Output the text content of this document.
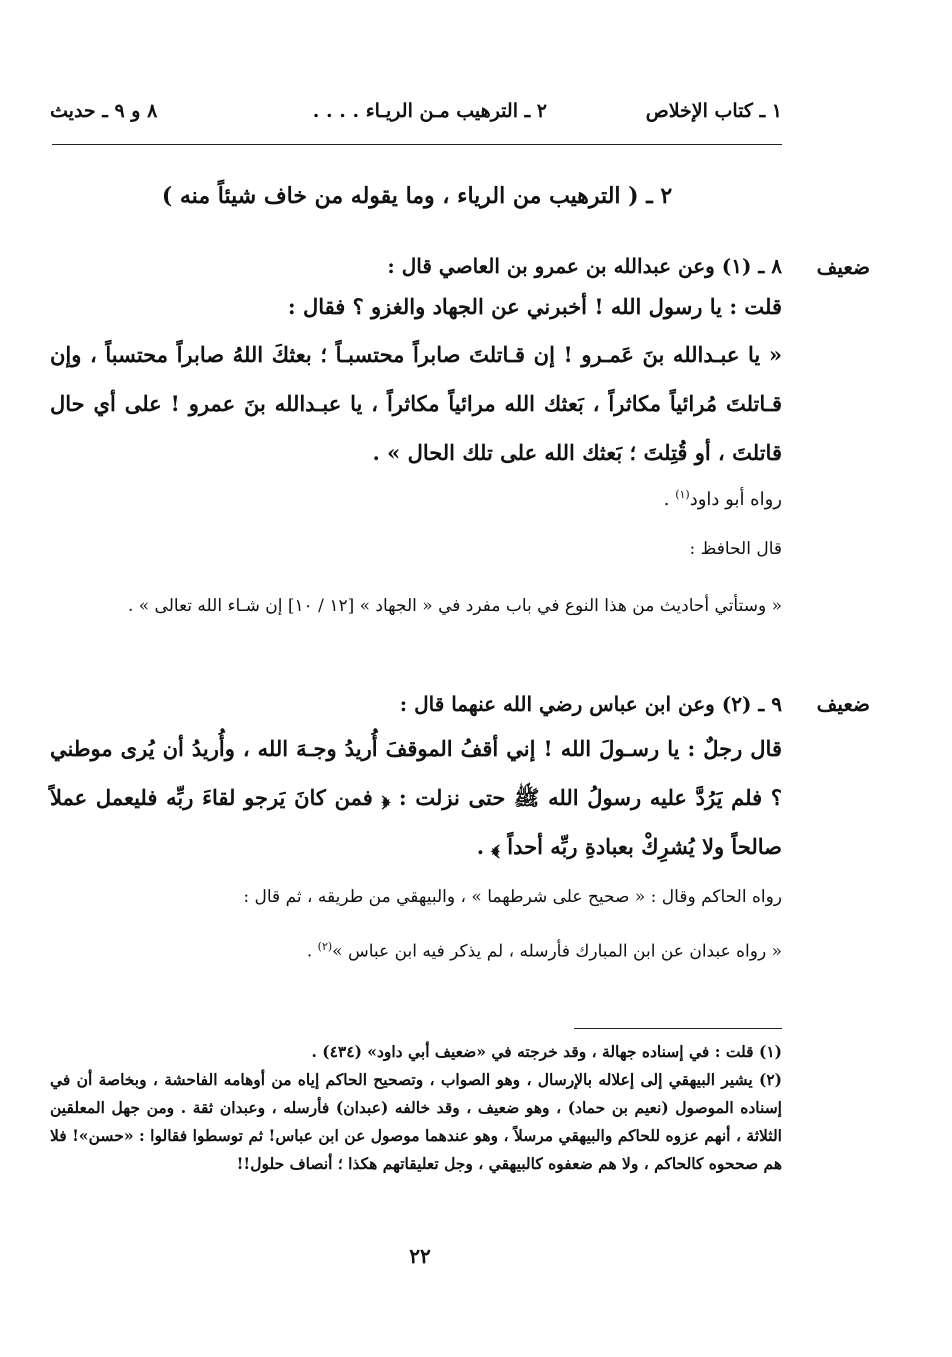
١ ـ كتاب الإخلاص
٢ ـ الترهيب مـن الريـاء . . . .
٨ و ٩ ـ حديث
٢ ـ ( الترهيب من الرياء ، وما يقوله من خاف شيئاً منه )
ضعيف
٨ ـ (١) وعن عبدالله بن عمرو بن العاصي قال :
قلت : يا رسول الله ! أخبرني عن الجهاد والغزو ؟ فقال :
« يا عبـدالله بنَ عَمـرو ! إن قـاتلتَ صابراً محتسبـاً ؛ بعثكَ اللهُ صابراً محتسباً ، وإن قـاتلتَ مُرائياً مكاثراً ، بَعثك الله مرائياً مكاثراً ، يا عبـدالله بنَ عمرو ! على أي حال قاتلتَ ، أو قُتِلتَ ؛ بَعثك الله على تلك الحال » .
رواه أبو داود$^{(١)}$ .
قال الحافظ :
« وستأتي أحاديث من هذا النوع في باب مفرد في « الجهاد » [١٢ / ١٠] إن شـاء الله تعالى » .
ضعيف
٩ ـ (٢) وعن ابن عباس رضي الله عنهما قال :
قال رجلٌ : يا رسـولَ الله ! إني أقفُ الموقفَ أُريدُ وجـهَ الله ، وأُريدُ أن يُرى موطني ؟ فلم يَرُدَّ عليه رسولُ الله ﷺ حتى نزلت : ﴿ فمن كانَ يَرجو لقاءَ ربِّه فليعمل عملاً صالحاً ولا يُشرِكْ بعبادةِ ربِّه أحداً ﴾ .
رواه الحاكم وقال : « صحيح على شرطهما » ، والبيهقي من طريقه ، ثم قال :
« رواه عبدان عن ابن المبارك فأرسله ، لم يذكر فيه ابن عباس »$^{(٢)}$ .

(١) قلت : في إسناده جهالة ، وقد خرجته في «ضعيف أبي داود» (٤٣٤) .

(٢) يشير البيهقي إلى إعلاله بالإرسال ، وهو الصواب ، وتصحيح الحاكم إياه من أوهامه الفاحشة ، وبخاصة أن في إسناده الموصول (نعيم بن حماد) ، وهو ضعيف ، وقد خالفه (عبدان) فأرسله ، وعبدان ثقة . ومن جهل المعلقين الثلاثة ، أنهم عزوه للحاكم والبيهقي مرسلاً ، وهو عندهما موصول عن ابن عباس! ثم توسطوا فقالوا : «حسن»! فلا هم صححوه كالحاكم ، ولا هم ضعفوه كالبيهقي ، وجل تعليقاتهم هكذا ؛ أنصاف حلول!!

٢٢
